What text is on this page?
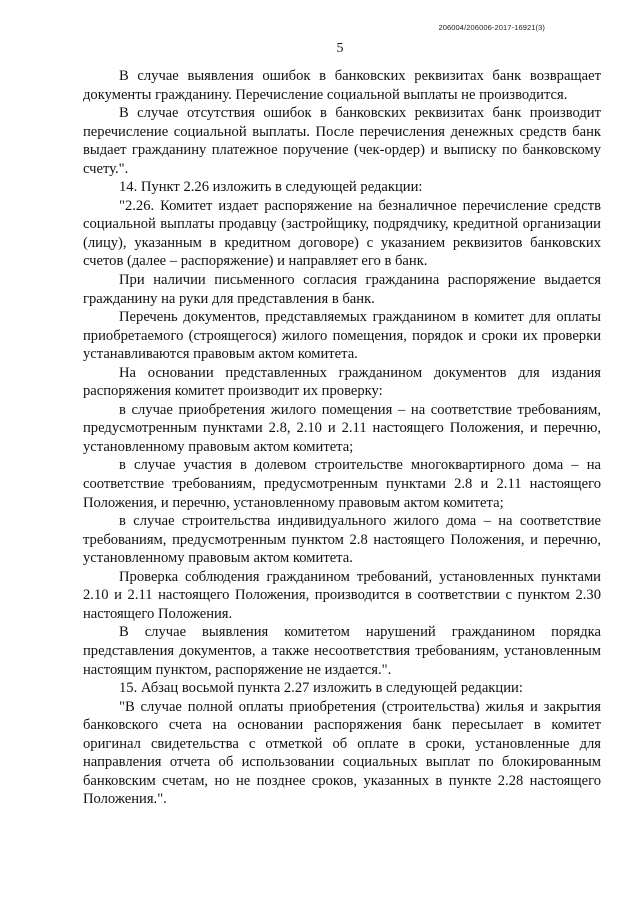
206004/206006-2017-16921(3)
5

В случае выявления ошибок в банковских реквизитах банк возвращает документы гражданину. Перечисление социальной выплаты не производится.

В случае отсутствия ошибок в банковских реквизитах банк производит перечисление социальной выплаты. После перечисления денежных средств банк выдает гражданину платежное поручение (чек-ордер) и выписку по банковскому счету.".

14. Пункт 2.26 изложить в следующей редакции:

"2.26. Комитет издает распоряжение на безналичное перечисление средств социальной выплаты продавцу (застройщику, подрядчику, кредитной организации (лицу), указанным в кредитном договоре) с указанием реквизитов банковских счетов (далее – распоряжение) и направляет его в банк.

При наличии письменного согласия гражданина распоряжение выдается гражданину на руки для представления в банк.

Перечень документов, представляемых гражданином в комитет для оплаты приобретаемого (строящегося) жилого помещения, порядок и сроки их проверки устанавливаются правовым актом комитета.

На основании представленных гражданином документов для издания распоряжения комитет производит их проверку:

в случае приобретения жилого помещения – на соответствие требованиям, предусмотренным пунктами 2.8, 2.10 и 2.11 настоящего Положения, и перечню, установленному правовым актом комитета;

в случае участия в долевом строительстве многоквартирного дома – на соответствие требованиям, предусмотренным пунктами 2.8 и 2.11 настоящего Положения, и перечню, установленному правовым актом комитета;

в случае строительства индивидуального жилого дома – на соответствие требованиям, предусмотренным пунктом 2.8 настоящего Положения, и перечню, установленному правовым актом комитета.

Проверка соблюдения гражданином требований, установленных пунктами 2.10 и 2.11 настоящего Положения, производится в соответствии с пунктом 2.30 настоящего Положения.

В случае выявления комитетом нарушений гражданином порядка представления документов, а также несоответствия требованиям, установленным настоящим пунктом, распоряжение не издается.".

15. Абзац восьмой пункта 2.27 изложить в следующей редакции:

"В случае полной оплаты приобретения (строительства) жилья и закрытия банковского счета на основании распоряжения банк пересылает в комитет оригинал свидетельства с отметкой об оплате в сроки, установленные для направления отчета об использовании социальных выплат по блокированным банковским счетам, но не позднее сроков, указанных в пункте 2.28 настоящего Положения.".
